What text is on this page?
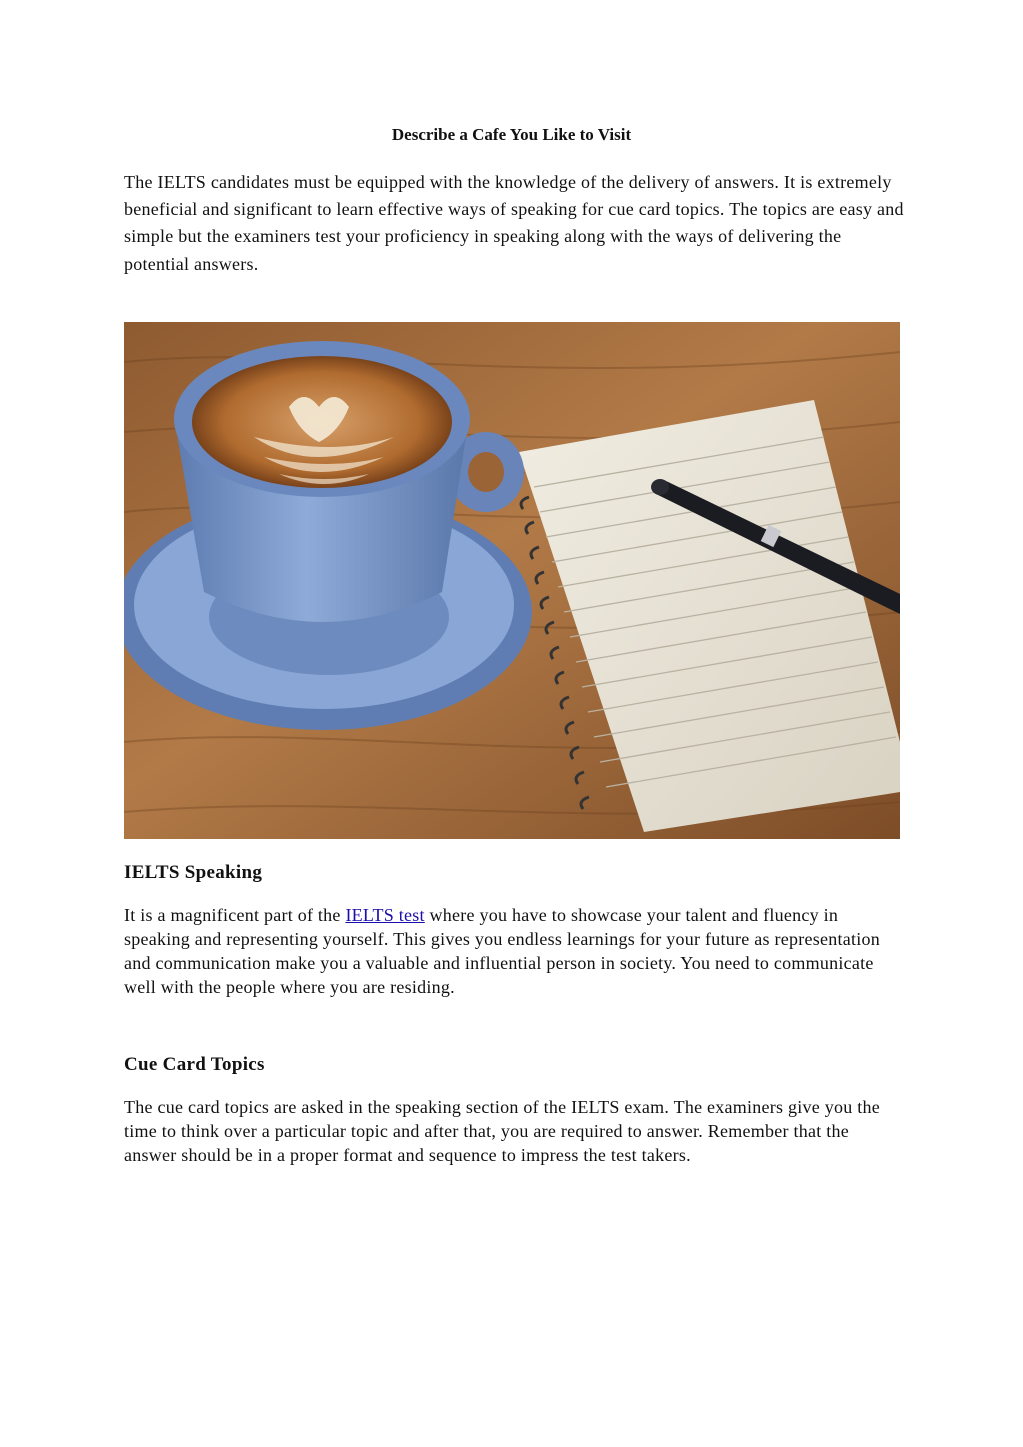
Describe a Cafe You Like to Visit

The IELTS candidates must be equipped with the knowledge of the delivery of answers. It is extremely beneficial and significant to learn effective ways of speaking for cue card topics. The topics are easy and simple but the examiners test your proficiency in speaking along with the ways of delivering the potential answers.

IELTS Speaking

It is a magnificent part of the IELTS test where you have to showcase your talent and fluency in speaking and representing yourself. This gives you endless learnings for your future as representation and communication make you a valuable and influential person in society. You need to communicate well with the people where you are residing.

Cue Card Topics

The cue card topics are asked in the speaking section of the IELTS exam. The examiners give you the time to think over a particular topic and after that, you are required to answer. Remember that the answer should be in a proper format and sequence to impress the test takers.
